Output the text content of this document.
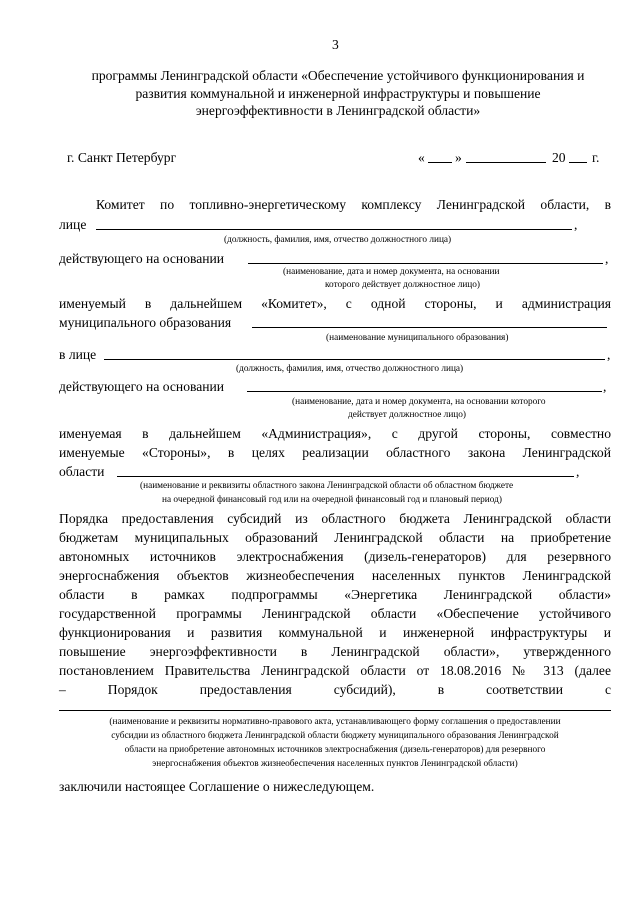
3
программы Ленинградской области «Обеспечение устойчивого функционирования и
развития коммунальной и инженерной инфраструктуры и повышение
энергоэффективности в Ленинградской области»
г. Санкт Петербург	« »	20 г.
Комитет по топливно-энергетическому комплексу Ленинградской области, в
лице	,
(должность, фамилия, имя, отчество должностного лица)
действующего на основании	,
(наименование, дата и номер документа, на основании
которого действует должностное лицо)
именуемый в дальнейшем «Комитет», с одной стороны, и администрация
муниципального образования
(наименование муниципального образования)
в лице	,
(должность, фамилия, имя, отчество должностного лица)
действующего на основании	,
(наименование, дата и номер документа, на основании которого
действует должностное лицо)
именуемая в дальнейшем «Администрация», с другой стороны, совместно
именуемые «Стороны», в целях реализации областного закона Ленинградской
области	,
(наименование и реквизиты областного закона Ленинградской области об областном бюджете
на очередной финансовый год или на очередной финансовый год и плановый период)
Порядка предоставления субсидий из областного бюджета Ленинградской области
бюджетам муниципальных образований Ленинградской области на приобретение
автономных источников электроснабжения (дизель-генераторов) для резервного
энергоснабжения объектов жизнеобеспечения населенных пунктов Ленинградской
области в рамках подпрограммы «Энергетика Ленинградской области»
государственной программы Ленинградской области «Обеспечение устойчивого
функционирования и развития коммунальной и инженерной инфраструктуры и
повышение энергоэффективности в Ленинградской области», утвержденного
постановлением Правительства Ленинградской области от 18.08.2016 № 313 (далее
– Порядок предоставления субсидий), в соответствии с
(наименование и реквизиты нормативно-правового акта, устанавливающего форму соглашения о предоставлении
субсидии из областного бюджета Ленинградской области бюджету муниципального образования Ленинградской
области на приобретение автономных источников электроснабжения (дизель-генераторов) для резервного
энергоснабжения объектов жизнеобеспечения населенных пунктов Ленинградской области)
заключили настоящее Соглашение о нижеследующем.
